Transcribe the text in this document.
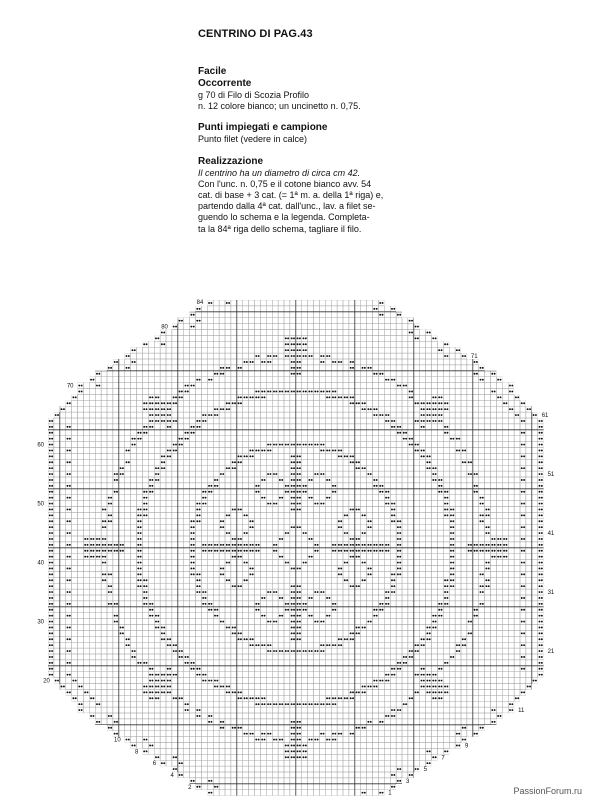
CENTRINO DI PAG.43

Facile

Occorrente

g 70 di Filo di Scozia Profilo

n. 12 colore bianco; un uncinetto n. 0,75.

Punti impiegati e campione

Punto filet (vedere in calce)

Realizzazione

Il centrino ha un diametro di circa cm 42.

Con l'unc. n. 0,75 e il cotone bianco avv. 54

cat. di base + 3 cat. (= 1ª m. a. della 1ª riga) e,

partendo dalla 4ª cat. dall'unc., lav. a filet se-

guendo lo schema e la legenda. Completa-

ta la 84ª riga dello schema, tagliare il filo.

80
70
60
50
40
30
20
10
8
6
4
2
71
61
51
41
31
21
11
9
7
5
3
1
84
PassionForum.ru
